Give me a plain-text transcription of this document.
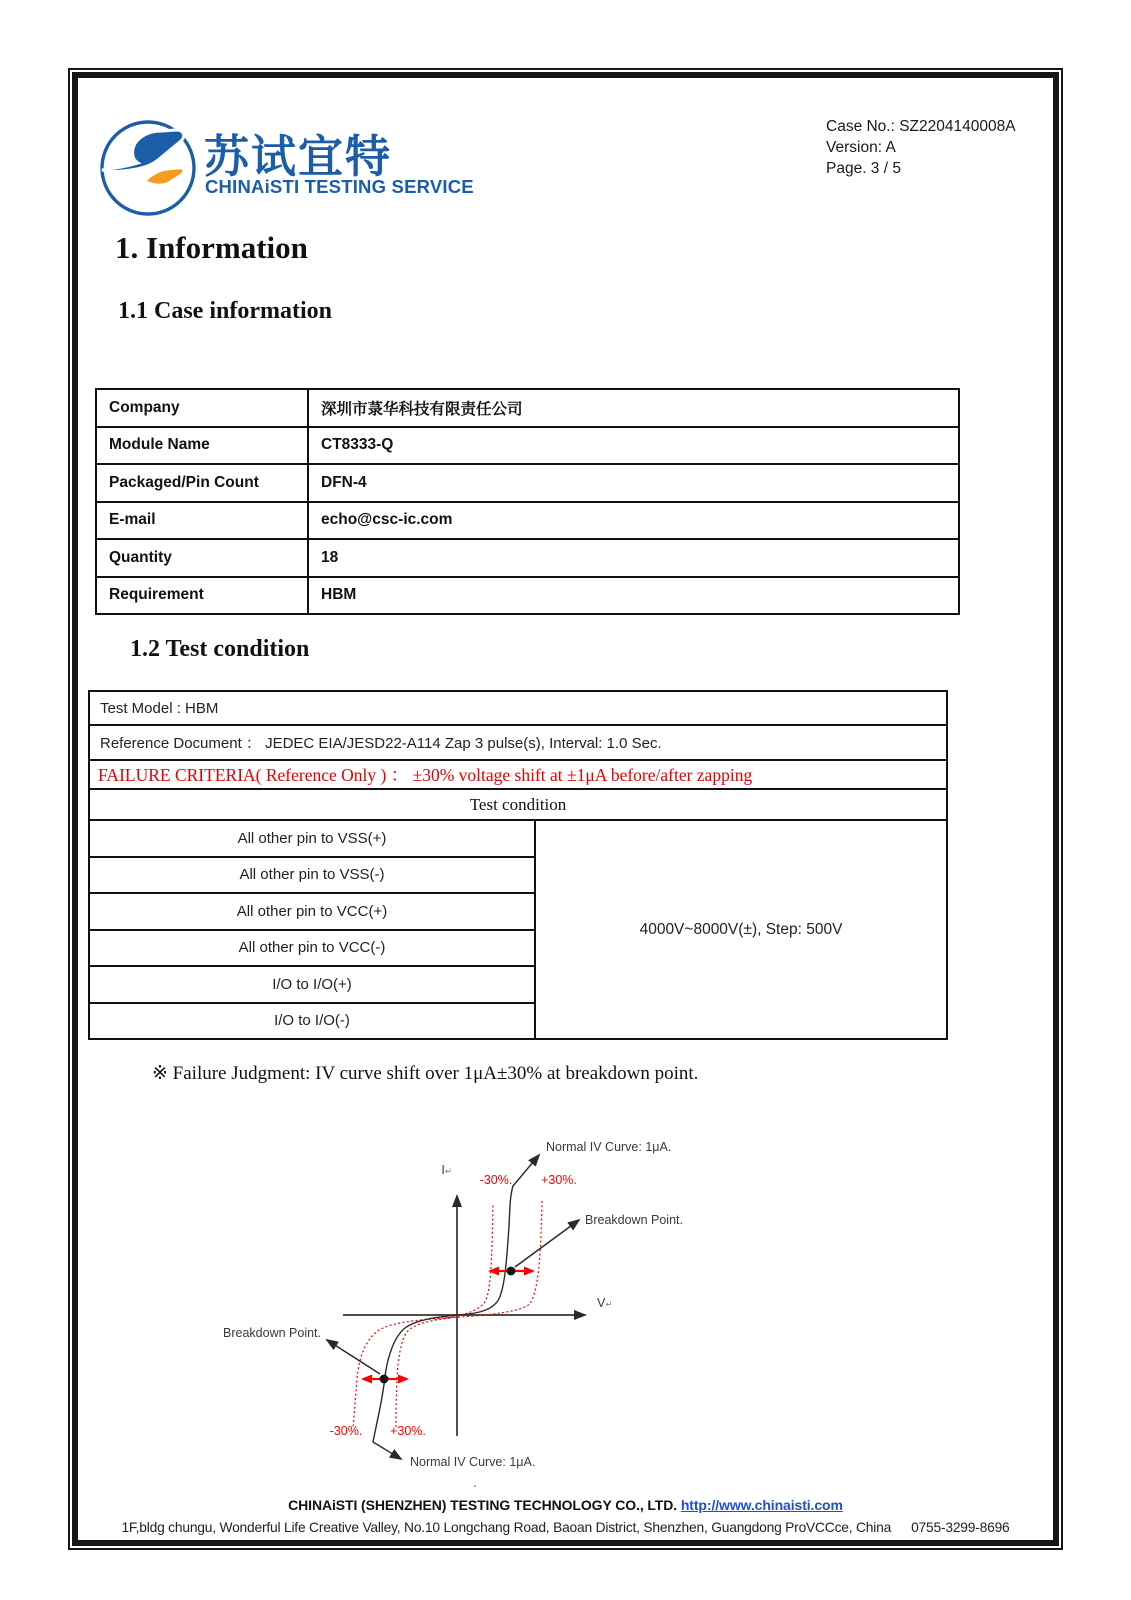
苏试宜特
CHINAiSTI TESTING SERVICE
Case No.: SZ2204140008A
Version: A
Page. 3 / 5
1. Information
1.1 Case information
Company	深圳市菉华科技有限责任公司
Module Name	CT8333-Q
Packaged/Pin Count	DFN-4
E-mail	echo@csc-ic.com
Quantity	18
Requirement	HBM
1.2 Test condition
Test Model : HBM
Reference Document ： JEDEC EIA/JESD22-A114 Zap 3 pulse(s), Interval: 1.0 Sec.
FAILURE CRITERIA( Reference Only ) ： ±30% voltage shift at ±1μA before/after zapping
Test condition
All other pin to VSS(+)
All other pin to VSS(-)
All other pin to VCC(+)
All other pin to VCC(-)
I/O to I/O(+)
I/O to I/O(-)
4000V~8000V(±), Step: 500V
※ Failure Judgment: IV curve shift over 1μA±30% at breakdown point.
I↵
V↵
Normal IV Curve: 1μA.
Breakdown Point.
-30%. +30%.
Breakdown Point.
-30%. +30%.
Normal IV Curve: 1μA.
.
CHINAiSTI (SHENZHEN) TESTING TECHNOLOGY CO., LTD. http://www.chinaisti.com
1F,bldg chungu, Wonderful Life Creative Valley, No.10 Longchang Road, Baoan District, Shenzhen, Guangdong ProVCCce, China 0755-3299-8696
